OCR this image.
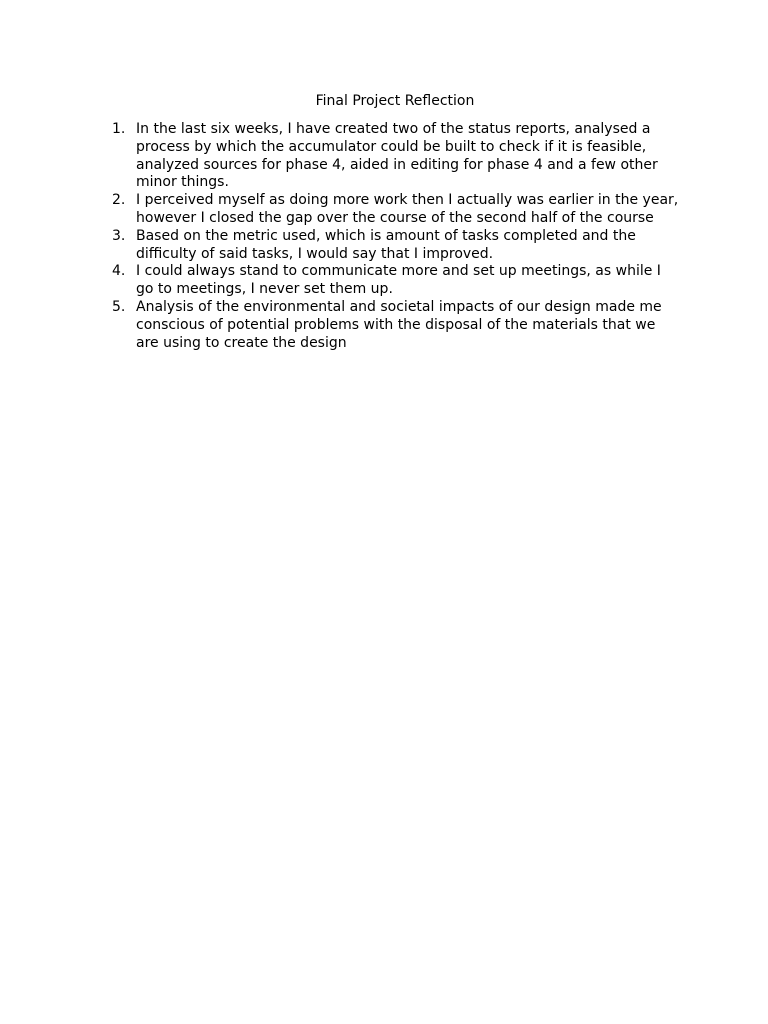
Final Project Reflection
1. In the last six weeks, I have created two of the status reports, analysed a process by which the accumulator could be built to check if it is feasible, analyzed sources for phase 4, aided in editing for phase 4 and a few other minor things.
2. I perceived myself as doing more work then I actually was earlier in the year, however I closed the gap over the course of the second half of the course
3. Based on the metric used, which is amount of tasks completed and the difficulty of said tasks, I would say that I improved.
4. I could always stand to communicate more and set up meetings, as while I go to meetings, I never set them up.
5. Analysis of the environmental and societal impacts of our design made me conscious of potential problems with the disposal of the materials that we are using to create the design
